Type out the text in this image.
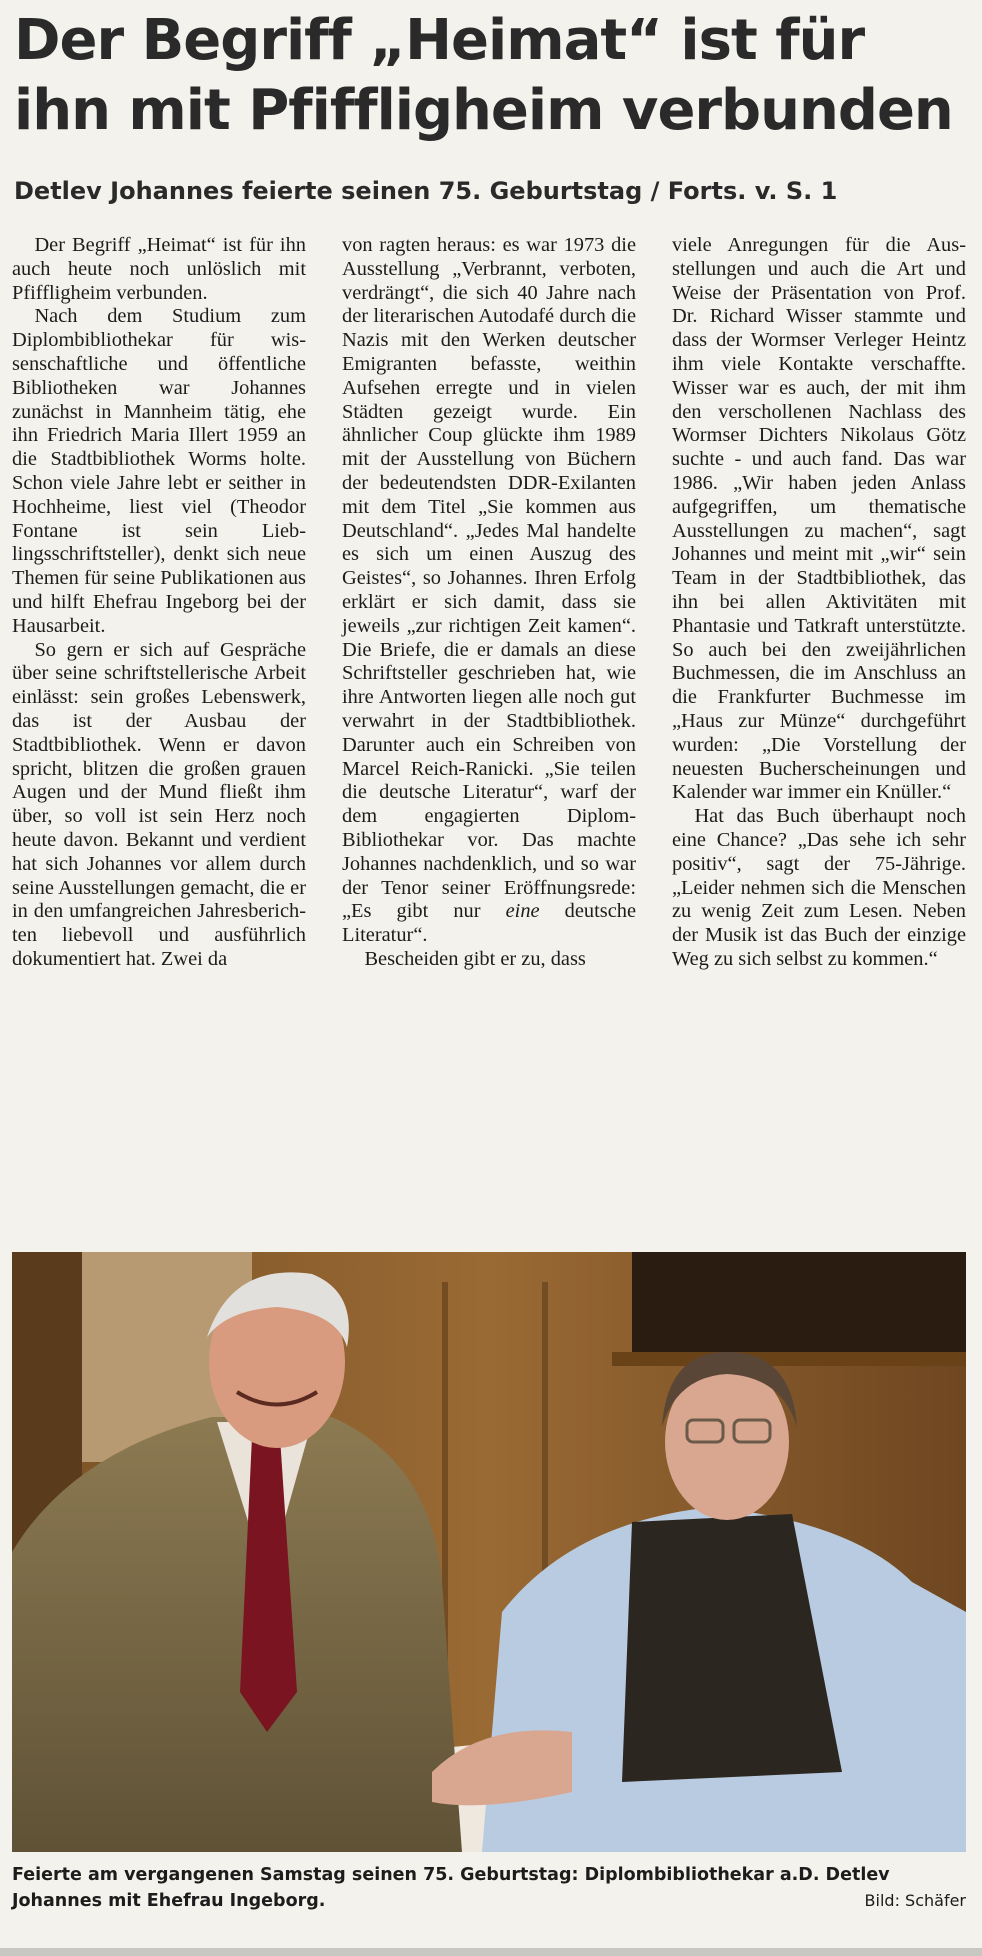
Der Begriff „Heimat“ ist für ihn mit Pfiffligheim verbunden
Detlev Johannes feierte seinen 75. Geburtstag / Forts. v. S. 1

Der Begriff „Heimat“ ist für ihn auch heute noch unlöslich mit Pfiffligheim verbunden.

Nach dem Studium zum Diplombibliothekar für wissenschaftliche und öffentliche Bibliotheken war Johannes zunächst in Mannheim tätig, ehe ihn Friedrich Maria Illert 1959 an die Stadtbibliothek Worms holte. Schon viele Jahre lebt er seither in Hochheime, liest viel (Theodor Fontane ist sein Lieblingsschriftsteller), denkt sich neue Themen für seine Publikationen aus und hilft Ehefrau Ingeborg bei der Hausarbeit.

So gern er sich auf Gespräche über seine schriftstellerische Arbeit einlässt: sein großes Lebenswerk, das ist der Ausbau der Stadtbibliothek. Wenn er davon spricht, blitzen die großen grauen Augen und der Mund fließt ihm über, so voll ist sein Herz noch heute davon. Bekannt und verdient hat sich Johannes vor allem durch seine Ausstellungen gemacht, die er in den umfangreichen Jahresberichten liebevoll und ausführlich dokumentiert hat. Zwei da

von ragten heraus: es war 1973 die Ausstellung „Verbrannt, verboten, verdrängt“, die sich 40 Jahre nach der literarischen Autodafé durch die Nazis mit den Werken deutscher Emigranten befasste, weithin Aufsehen erregte und in vielen Städten gezeigt wurde. Ein ähnlicher Coup glückte ihm 1989 mit der Ausstellung von Büchern der bedeutendsten DDR-Exilanten mit dem Titel „Sie kommen aus Deutschland“. „Jedes Mal handelte es sich um einen Auszug des Geistes“, so Johannes. Ihren Erfolg erklärt er sich damit, dass sie jeweils „zur richtigen Zeit kamen“. Die Briefe, die er damals an diese Schriftsteller geschrieben hat, wie ihre Antworten liegen alle noch gut verwahrt in der Stadtbibliothek. Darunter auch ein Schreiben von Marcel Reich-Ranicki. „Sie teilen die deutsche Literatur“, warf der dem engagierten Diplom-Bibliothekar vor. Das machte Johannes nachdenklich, und so war der Tenor seiner Eröffnungsrede: „Es gibt nur eine deutsche Literatur“.

Bescheiden gibt er zu, dass

viele Anregungen für die Ausstellungen und auch die Art und Weise der Präsentation von Prof. Dr. Richard Wisser stammte und dass der Wormser Verleger Heintz ihm viele Kontakte verschaffte. Wisser war es auch, der mit ihm den verschollenen Nachlass des Wormser Dichters Nikolaus Götz suchte - und auch fand. Das war 1986. „Wir haben jeden Anlass aufgegriffen, um thematische Ausstellungen zu machen“, sagt Johannes und meint mit „wir“ sein Team in der Stadtbibliothek, das ihn bei allen Aktivitäten mit Phantasie und Tatkraft unterstützte. So auch bei den zweijährlichen Buchmessen, die im Anschluss an die Frankfurter Buchmesse im „Haus zur Münze“ durchgeführt wurden: „Die Vorstellung der neuesten Bucherscheinungen und Kalender war immer ein Knüller.“

Hat das Buch überhaupt noch eine Chance? „Das sehe ich sehr positiv“, sagt der 75-Jährige. „Leider nehmen sich die Menschen zu wenig Zeit zum Lesen. Neben der Musik ist das Buch der einzige Weg zu sich selbst zu kommen.“

Feierte am vergangenen Samstag seinen 75. Geburtstag: Diplombibliothekar a.D. Detlev Johannes mit Ehefrau Ingeborg.	Bild: Schäfer
